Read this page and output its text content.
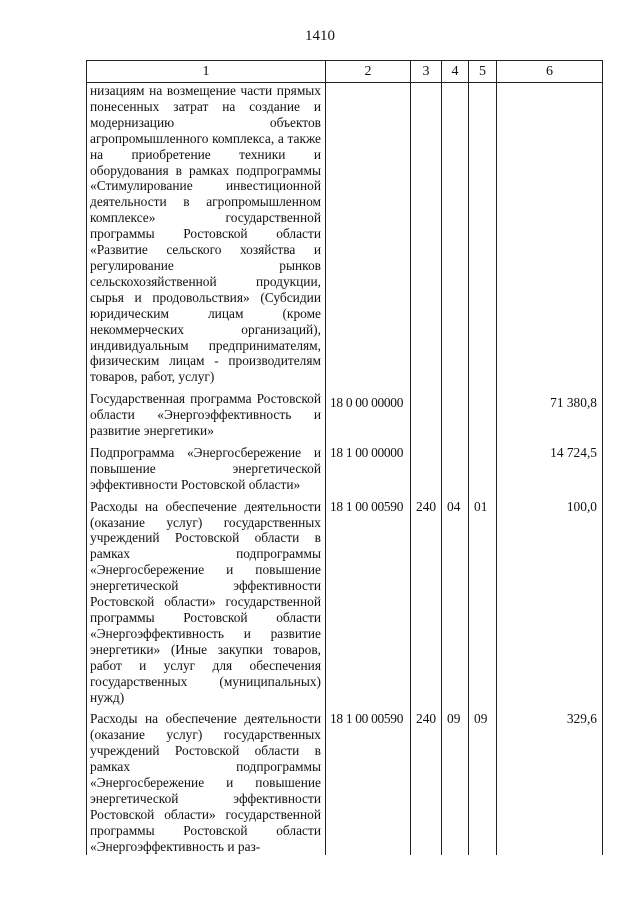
1410
1	2	3	4	5	6
низациям на возмещение части прямых понесенных затрат на создание и модернизацию объектов агропромышленного комплекса, а также на приобретение техники и оборудования в рамках подпрограммы «Стимулирование инвестиционной деятельности в агропромышленном комплексе» государственной программы Ростовской области «Развитие сельского хозяйства и регулирование рынков сельскохозяйственной продукции, сырья и продовольствия» (Субсидии юридическим лицам (кроме некоммерческих организаций), индивидуальным предпринимателям, физическим лицам - производителям товаров, работ, услуг)					
Государственная программа Ростовской области «Энергоэффективность и развитие энергетики»	18 0 00 00000				71 380,8
Подпрограмма «Энергосбережение и повышение энергетической эффективности Ростовской области»	18 1 00 00000				14 724,5
Расходы на обеспечение деятельности (оказание услуг) государственных учреждений Ростовской области в рамках подпрограммы «Энергосбережение и повышение энергетической эффективности Ростовской области» государственной программы Ростовской области «Энергоэффективность и развитие энергетики» (Иные закупки товаров, работ и услуг для обеспечения государственных (муниципальных) нужд)	18 1 00 00590	240	04	01	100,0
Расходы на обеспечение деятельности (оказание услуг) государственных учреждений Ростовской области в рамках подпрограммы «Энергосбережение и повышение энергетической эффективности Ростовской области» государственной программы Ростовской области «Энергоэффективность и раз-	18 1 00 00590	240	09	09	329,6
